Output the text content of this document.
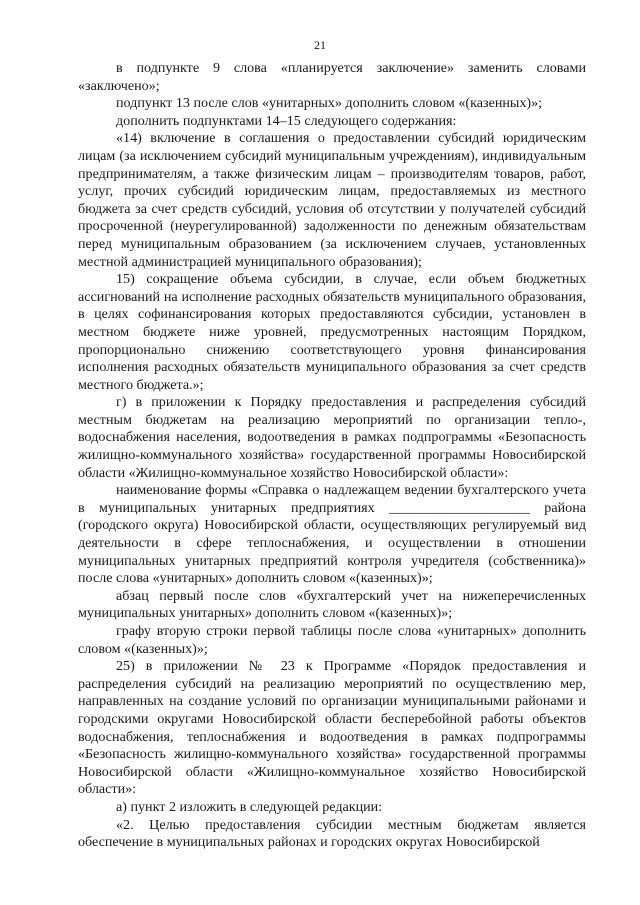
21

в подпункте 9 слова «планируется заключение» заменить словами «заключено»;

подпункт 13 после слов «унитарных» дополнить словом «(казенных)»;

дополнить подпунктами 14–15 следующего содержания:

«14) включение в соглашения о предоставлении субсидий юридическим лицам (за исключением субсидий муниципальным учреждениям), индивидуальным предпринимателям, а также физическим лицам – производителям товаров, работ, услуг, прочих субсидий юридическим лицам, предоставляемых из местного бюджета за счет средств субсидий, условия об отсутствии у получателей субсидий просроченной (неурегулированной) задолженности по денежным обязательствам перед муниципальным образованием (за исключением случаев, установленных местной администрацией муниципального образования);

15) сокращение объема субсидии, в случае, если объем бюджетных ассигнований на исполнение расходных обязательств муниципального образования, в целях софинансирования которых предоставляются субсидии, установлен в местном бюджете ниже уровней, предусмотренных настоящим Порядком, пропорционально снижению соответствующего уровня финансирования исполнения расходных обязательств муниципального образования за счет средств местного бюджета.»;

г) в приложении к Порядку предоставления и распределения субсидий местным бюджетам на реализацию мероприятий по организации тепло-, водоснабжения населения, водоотведения в рамках подпрограммы «Безопасность жилищно-коммунального хозяйства» государственной программы Новосибирской области «Жилищно-коммунальное хозяйство Новосибирской области»:

наименование формы «Справка о надлежащем ведении бухгалтерского учета в муниципальных унитарных предприятиях ____________________ района (городского округа) Новосибирской области, осуществляющих регулируемый вид деятельности в сфере теплоснабжения, и осуществлении в отношении муниципальных унитарных предприятий контроля учредителя (собственника)» после слова «унитарных» дополнить словом «(казенных)»;

абзац первый после слов «бухгалтерский учет на нижеперечисленных муниципальных унитарных» дополнить словом «(казенных)»;

графу вторую строки первой таблицы после слова «унитарных» дополнить словом «(казенных)»;

25) в приложении № 23 к Программе «Порядок предоставления и распределения субсидий на реализацию мероприятий по осуществлению мер, направленных на создание условий по организации муниципальными районами и городскими округами Новосибирской области бесперебойной работы объектов водоснабжения, теплоснабжения и водоотведения в рамках подпрограммы «Безопасность жилищно-коммунального хозяйства» государственной программы Новосибирской области «Жилищно-коммунальное хозяйство Новосибирской области»:

а) пункт 2 изложить в следующей редакции:

«2. Целью предоставления субсидии местным бюджетам является обеспечение в муниципальных районах и городских округах Новосибирской
